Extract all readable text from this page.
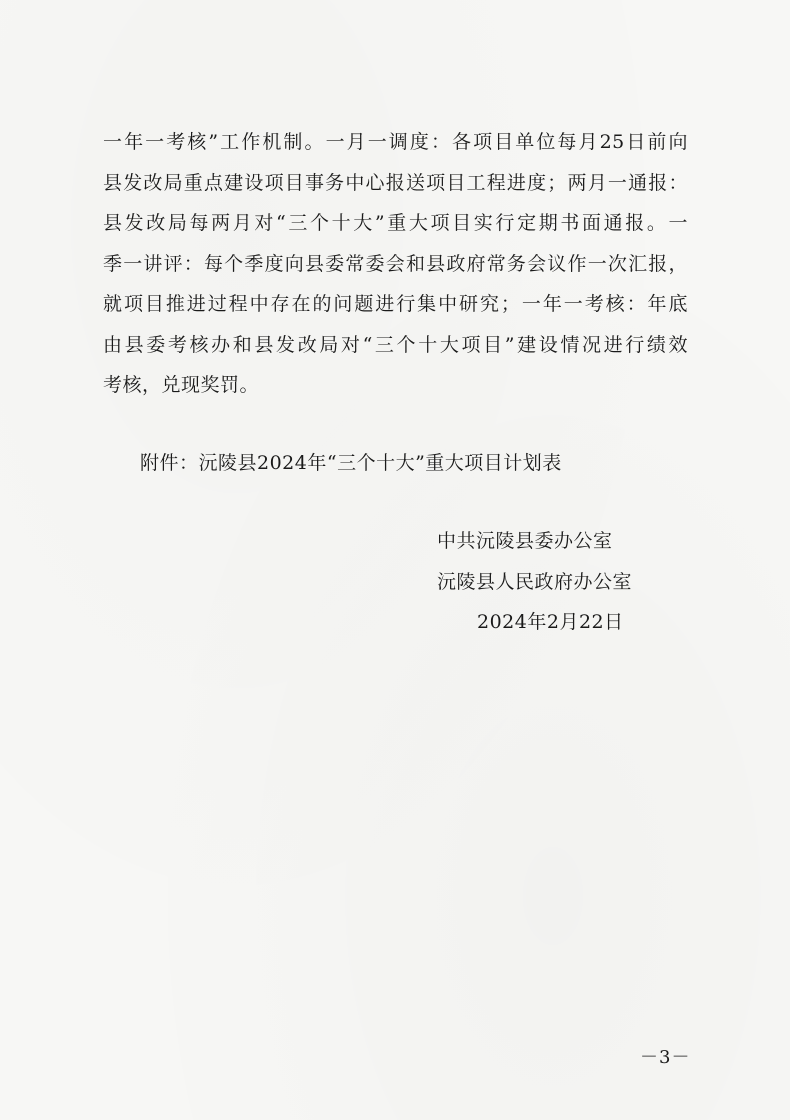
一年一考核”工作机制。一月一调度：各项目单位每月25日前向
县发改局重点建设项目事务中心报送项目工程进度；两月一通报：
县发改局每两月对“三个十大”重大项目实行定期书面通报。一
季一讲评：每个季度向县委常委会和县政府常务会议作一次汇报，
就项目推进过程中存在的问题进行集中研究；一年一考核：年底
由县委考核办和县发改局对“三个十大项目”建设情况进行绩效
考核，兑现奖罚。
附件：沅陵县2024年“三个十大”重大项目计划表
中共沅陵县委办公室
沅陵县人民政府办公室
2024年2月22日
－3－
